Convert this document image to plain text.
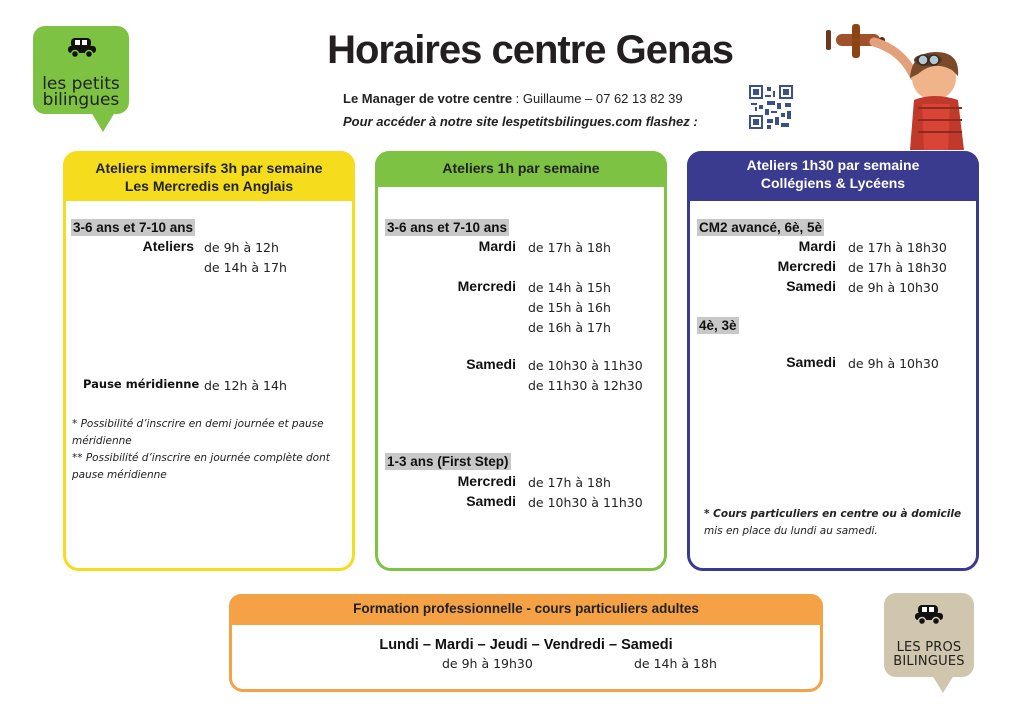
les petits
bilingues
Horaires centre Genas
Le Manager de votre centre : Guillaume – 07 62 13 82 39
Pour accéder à notre site lespetitsbilingues.com flashez :
Ateliers immersifs 3h par semaine
Les Mercredis en Anglais
3-6 ans et 7-10 ans
Ateliers de 9h à 12h
de 14h à 17h
Pause méridienne de 12h à 14h
* Possibilité d’inscrire en demi journée et pause
méridienne
** Possibilité d’inscrire en journée complète dont
pause méridienne
Ateliers 1h par semaine
3-6 ans et 7-10 ans
Mardi de 17h à 18h
Mercredi de 14h à 15h
de 15h à 16h
de 16h à 17h
Samedi de 10h30 à 11h30
de 11h30 à 12h30
1-3 ans (First Step)
Mercredi de 17h à 18h
Samedi de 10h30 à 11h30
Ateliers 1h30 par semaine
Collégiens & Lycéens
CM2 avancé, 6è, 5è
Mardi de 17h à 18h30
Mercredi de 17h à 18h30
Samedi de 9h à 10h30
4è, 3è
Samedi de 9h à 10h30
* Cours particuliers en centre ou à domicile
mis en place du lundi au samedi.
Formation professionnelle - cours particuliers adultes
Lundi – Mardi – Jeudi – Vendredi – Samedi
de 9h à 19h30	de 14h à 18h
LES PROS
BILINGUES
